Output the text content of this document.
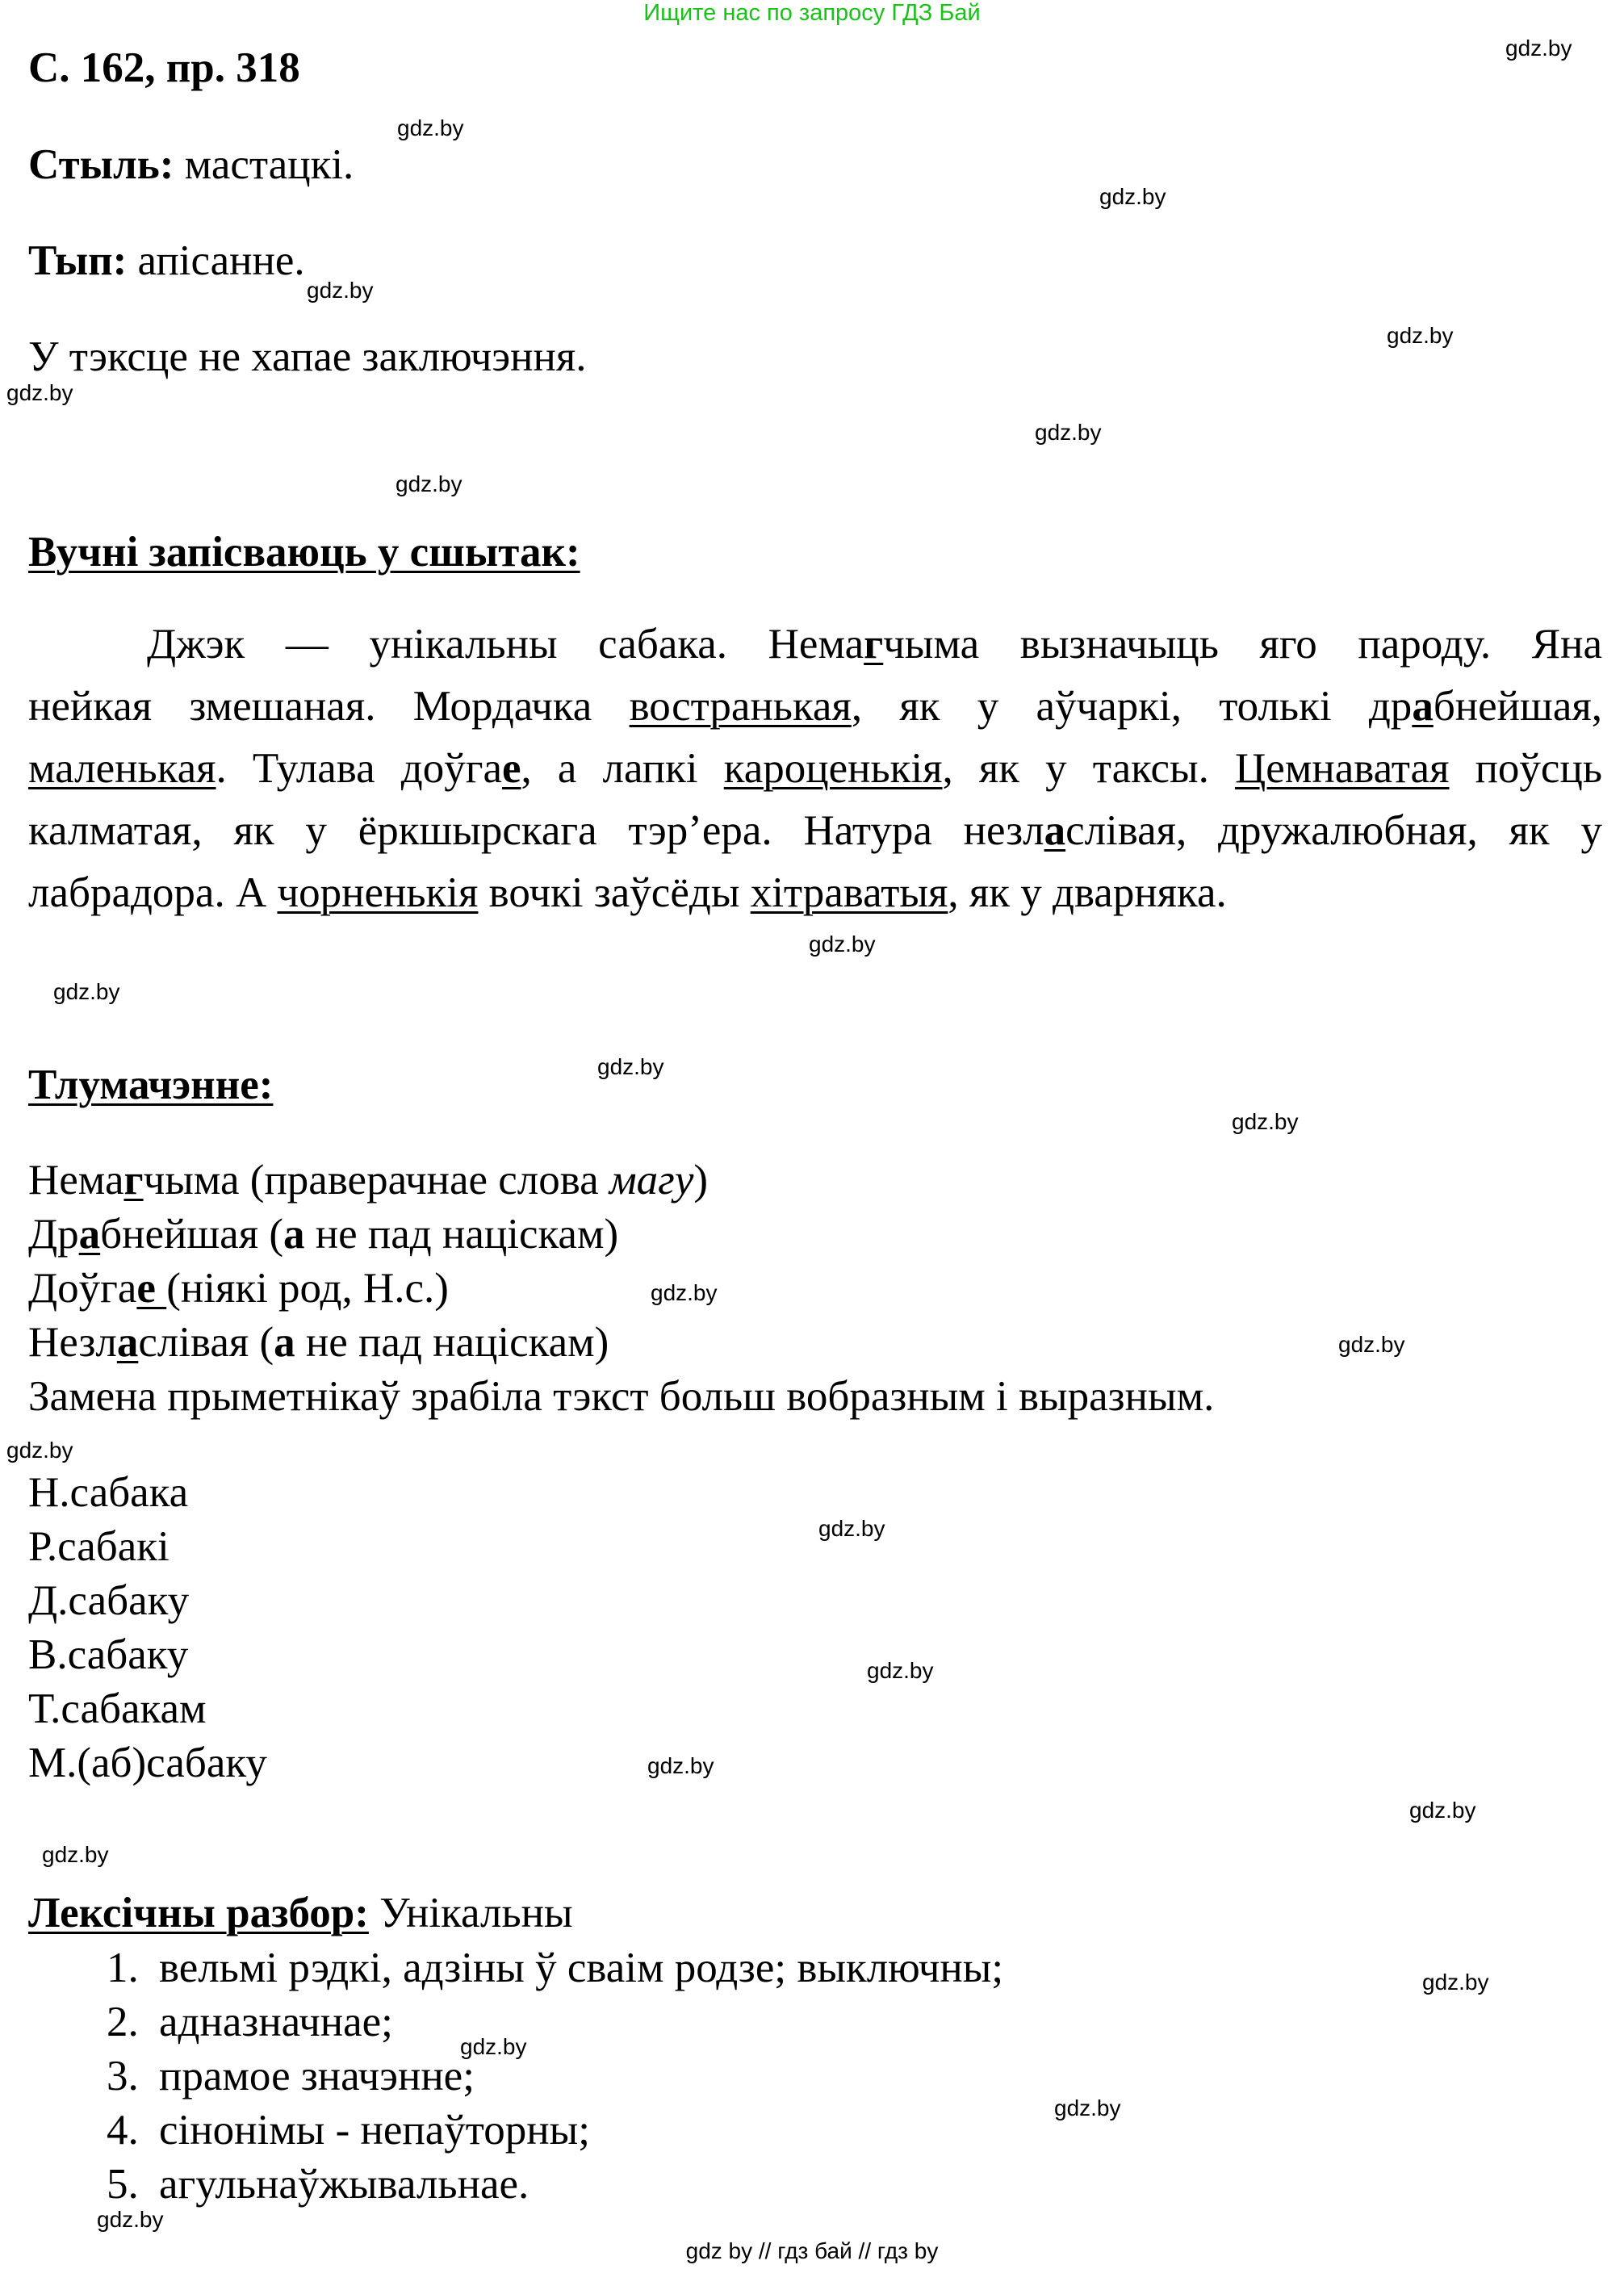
Ищите нас по запросу ГДЗ Бай
С. 162, пр. 318
Стыль: мастацкі.
Тып: апісанне.
У тэксце не хапае заключэння.
Вучні запісваюць у сшытак:

Джэк — унікальны сабака. Немагчыма вызначыць яго пароду. Яна

нейкая змешаная. Мордачка востранькая, як у аўчаркі, толькі драбнейшая,

маленькая. Тулава доўгае, а лапкі кароценькія, як у таксы. Цемнаватая поўсць

калматая, як у ёркшырскага тэр’ера. Натура незласлівая, дружалюбная, як у

лабрадора. А чорненькія вочкі заўсёды хітраватыя, як у дварняка.

Тлумачэнне:
Немагчыма (праверачнае слова магу)
Драбнейшая (а не пад націскам)
Доўгае (ніякі род, Н.с.)
Незласлівая (а не пад націскам)
Замена прыметнікаў зрабіла тэкст больш вобразным і выразным.
Н.сабака
Р.сабакі
Д.сабаку
В.сабаку
Т.сабакам
М.(аб)сабаку
Лексічны разбор: Унікальны
1. вельмі рэдкі, адзіны ў сваім родзе; выключны;
2. адназначнае;
3. прамое значэнне;
4. сінонімы - непаўторны;
5. агульнаўжывальнае.
gdz.by
gdz.by
gdz.by
gdz.by
gdz.by
gdz.by
gdz.by
gdz.by
gdz.by
gdz.by
gdz.by
gdz.by
gdz.by
gdz.by
gdz.by
gdz.by
gdz.by
gdz.by
gdz.by
gdz.by
gdz.by
gdz.by
gdz.by
gdz.by
gdz by // гдз бай // гдз by
